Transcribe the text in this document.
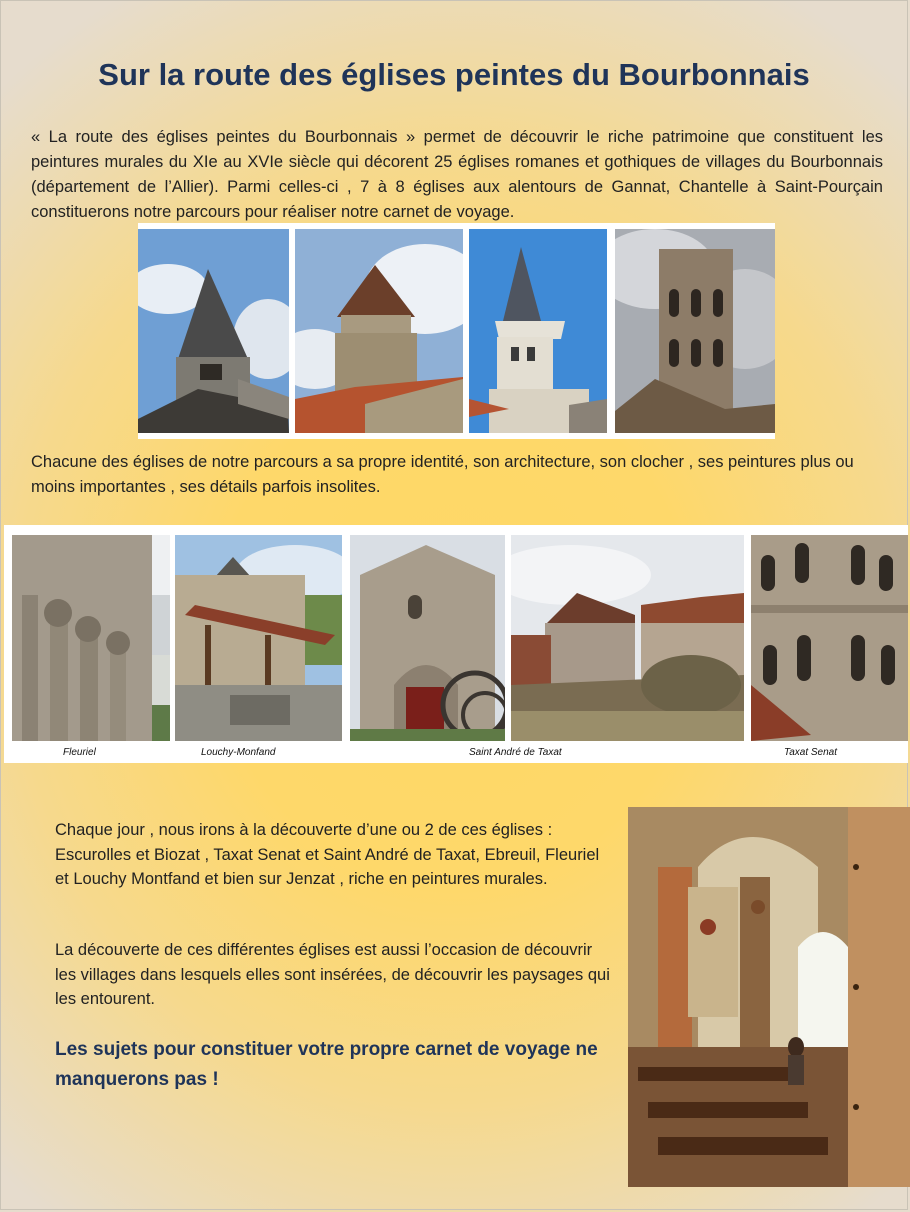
Sur la route des églises peintes du Bourbonnais

« La route des églises peintes du Bourbonnais » permet de découvrir le riche patrimoine que constituent les peintures murales du XIe au XVIe siècle qui décorent 25 églises romanes et gothiques de villages du Bourbonnais (département de l’Allier). Parmi celles-ci , 7 à 8 églises aux alentours de Gannat, Chantelle à Saint-Pourçain constituerons notre parcours pour réaliser notre carnet de voyage.

Chacune des églises de notre parcours a sa propre identité, son architecture, son clocher , ses peintures plus ou moins importantes , ses détails parfois insolites.

Fleuriel	Louchy-Monfand	Saint André de Taxat	Taxat Senat

Chaque jour , nous irons à la découverte d’une ou 2 de ces églises : Escurolles et Biozat , Taxat Senat et Saint André de Taxat, Ebreuil, Fleuriel et Louchy Montfand et bien sur Jenzat , riche en peintures murales.

La découverte de ces différentes églises est aussi l’occasion de découvrir les villages dans lesquels elles sont insérées, de découvrir les paysages qui les entourent.

Les sujets pour constituer votre propre carnet de voyage ne manquerons pas !
